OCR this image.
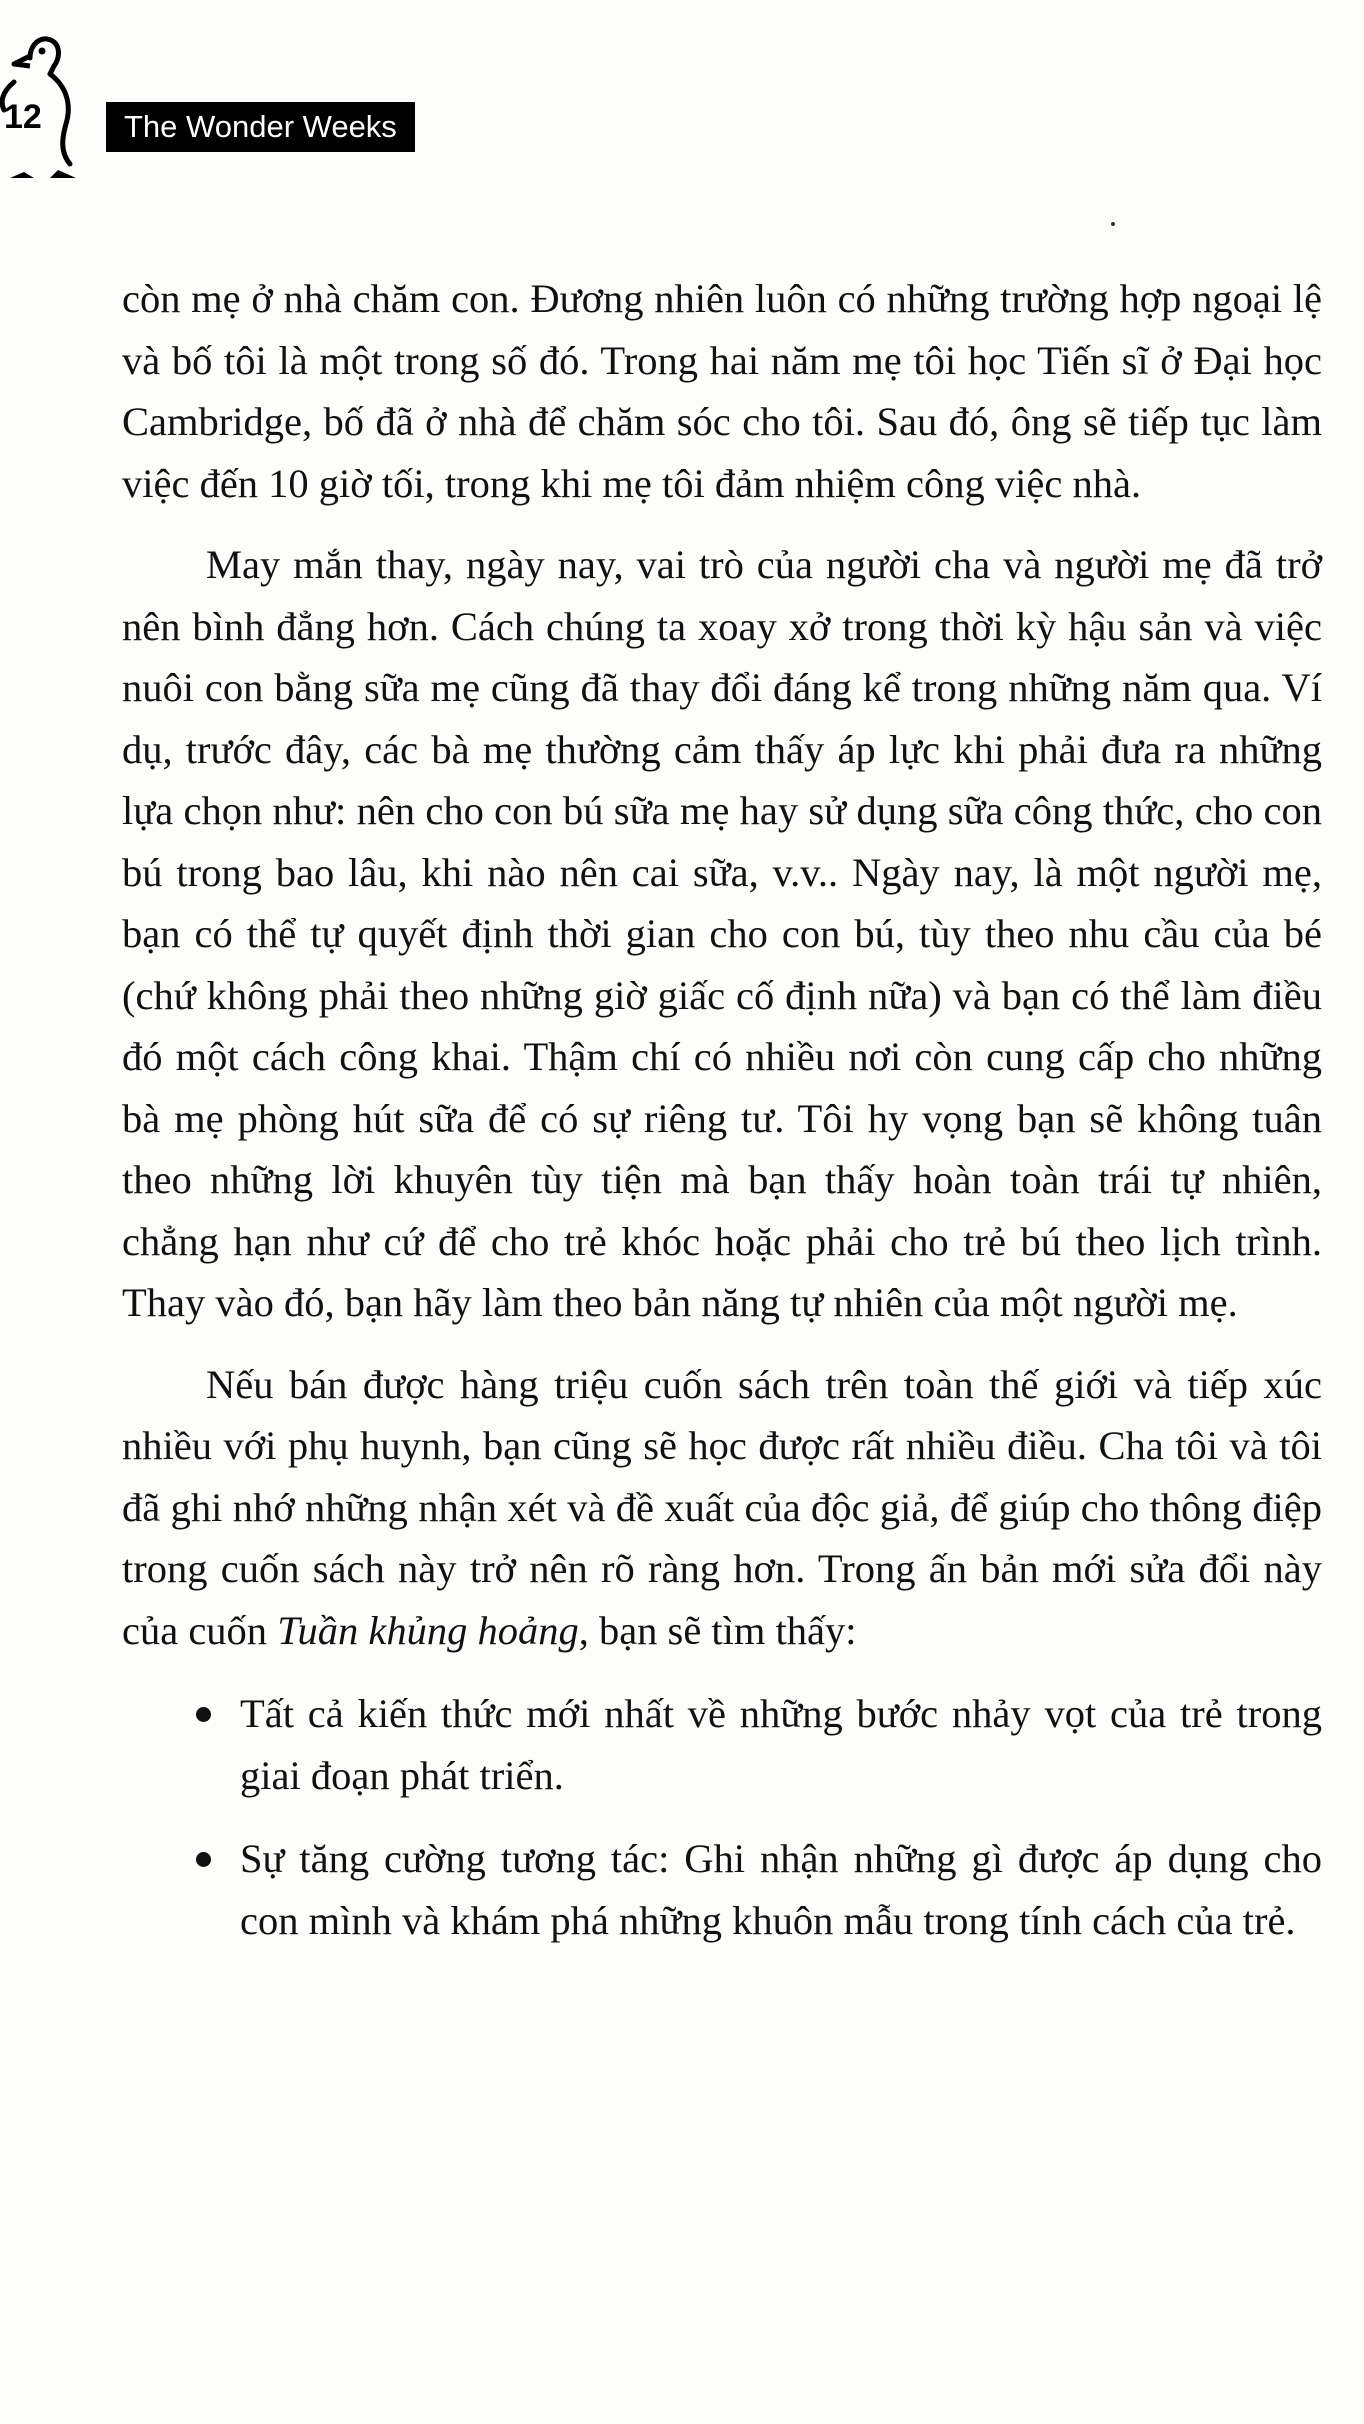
12	The Wonder Weeks

còn mẹ ở nhà chăm con. Đương nhiên luôn có những trường hợp ngoại lệ và bố tôi là một trong số đó. Trong hai năm mẹ tôi học Tiến sĩ ở Đại học Cambridge, bố đã ở nhà để chăm sóc cho tôi. Sau đó, ông sẽ tiếp tục làm việc đến 10 giờ tối, trong khi mẹ tôi đảm nhiệm công việc nhà.

May mắn thay, ngày nay, vai trò của người cha và người mẹ đã trở nên bình đẳng hơn. Cách chúng ta xoay xở trong thời kỳ hậu sản và việc nuôi con bằng sữa mẹ cũng đã thay đổi đáng kể trong những năm qua. Ví dụ, trước đây, các bà mẹ thường cảm thấy áp lực khi phải đưa ra những lựa chọn như: nên cho con bú sữa mẹ hay sử dụng sữa công thức, cho con bú trong bao lâu, khi nào nên cai sữa, v.v.. Ngày nay, là một người mẹ, bạn có thể tự quyết định thời gian cho con bú, tùy theo nhu cầu của bé (chứ không phải theo những giờ giấc cố định nữa) và bạn có thể làm điều đó một cách công khai. Thậm chí có nhiều nơi còn cung cấp cho những bà mẹ phòng hút sữa để có sự riêng tư. Tôi hy vọng bạn sẽ không tuân theo những lời khuyên tùy tiện mà bạn thấy hoàn toàn trái tự nhiên, chẳng hạn như cứ để cho trẻ khóc hoặc phải cho trẻ bú theo lịch trình. Thay vào đó, bạn hãy làm theo bản năng tự nhiên của một người mẹ.

Nếu bán được hàng triệu cuốn sách trên toàn thế giới và tiếp xúc nhiều với phụ huynh, bạn cũng sẽ học được rất nhiều điều. Cha tôi và tôi đã ghi nhớ những nhận xét và đề xuất của độc giả, để giúp cho thông điệp trong cuốn sách này trở nên rõ ràng hơn. Trong ấn bản mới sửa đổi này của cuốn Tuần khủng hoảng, bạn sẽ tìm thấy:

Tất cả kiến thức mới nhất về những bước nhảy vọt của trẻ trong giai đoạn phát triển.
Sự tăng cường tương tác: Ghi nhận những gì được áp dụng cho con mình và khám phá những khuôn mẫu trong tính cách của trẻ.
